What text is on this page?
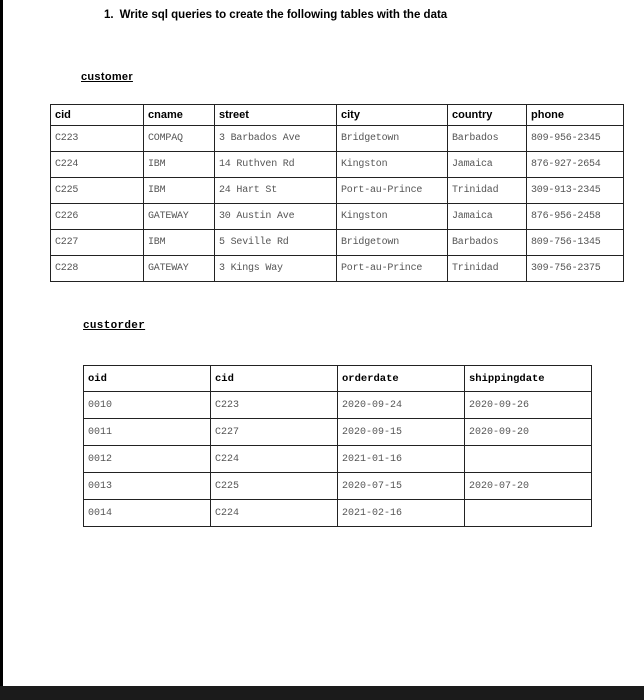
1. Write sql queries to create the following tables with the data
customer
cid	cname	street	city	country	phone
C223	COMPAQ	3 Barbados Ave	Bridgetown	Barbados	809-956-2345
C224	IBM	14 Ruthven Rd	Kingston	Jamaica	876-927-2654
C225	IBM	24 Hart St	Port-au-Prince	Trinidad	309-913-2345
C226	GATEWAY	30 Austin Ave	Kingston	Jamaica	876-956-2458
C227	IBM	5 Seville Rd	Bridgetown	Barbados	809-756-1345
C228	GATEWAY	3 Kings Way	Port-au-Prince	Trinidad	309-756-2375
custorder
oid	cid	orderdate	shippingdate
0010	C223	2020-09-24	2020-09-26
0011	C227	2020-09-15	2020-09-20
0012	C224	2021-01-16	
0013	C225	2020-07-15	2020-07-20
0014	C224	2021-02-16	
